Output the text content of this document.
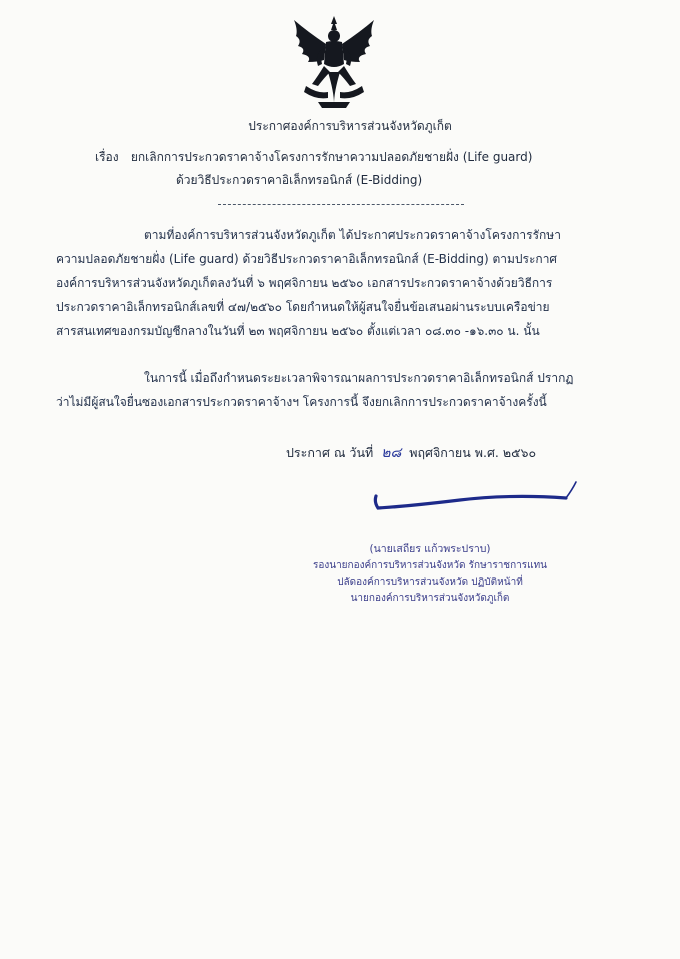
ประกาศองค์การบริหารส่วนจังหวัดภูเก็ต
เรื่อง ยกเลิกการประกวดราคาจ้างโครงการรักษาความปลอดภัยชายฝั่ง (Life guard)
ด้วยวิธีประกวดราคาอิเล็กทรอนิกส์ (E-Bidding)
ตามที่องค์การบริหารส่วนจังหวัดภูเก็ต ได้ประกาศประกวดราคาจ้างโครงการรักษา
ความปลอดภัยชายฝั่ง (Life guard) ด้วยวิธีประกวดราคาอิเล็กทรอนิกส์ (E-Bidding) ตามประกาศ
องค์การบริหารส่วนจังหวัดภูเก็ตลงวันที่ ๖ พฤศจิกายน ๒๕๖๐ เอกสารประกวดราคาจ้างด้วยวิธีการ
ประกวดราคาอิเล็กทรอนิกส์เลขที่ ๔๗/๒๕๖๐ โดยกำหนดให้ผู้สนใจยื่นข้อเสนอผ่านระบบเครือข่าย
สารสนเทศของกรมบัญชีกลางในวันที่ ๒๓ พฤศจิกายน ๒๕๖๐ ตั้งแต่เวลา ๐๘.๓๐ -๑๖.๓๐ น. นั้น
ในการนี้ เมื่อถึงกำหนดระยะเวลาพิจารณาผลการประกวดราคาอิเล็กทรอนิกส์ ปรากฏ
ว่าไม่มีผู้สนใจยื่นซองเอกสารประกวดราคาจ้างฯ โครงการนี้ จึงยกเลิกการประกวดราคาจ้างครั้งนี้
ประกาศ ณ วันที่ ๒๘ พฤศจิกายน พ.ศ. ๒๕๖๐
(นายเสถียร แก้วพระปราบ)
รองนายกองค์การบริหารส่วนจังหวัด รักษาราชการแทน
ปลัดองค์การบริหารส่วนจังหวัด ปฏิบัติหน้าที่
นายกองค์การบริหารส่วนจังหวัดภูเก็ต
